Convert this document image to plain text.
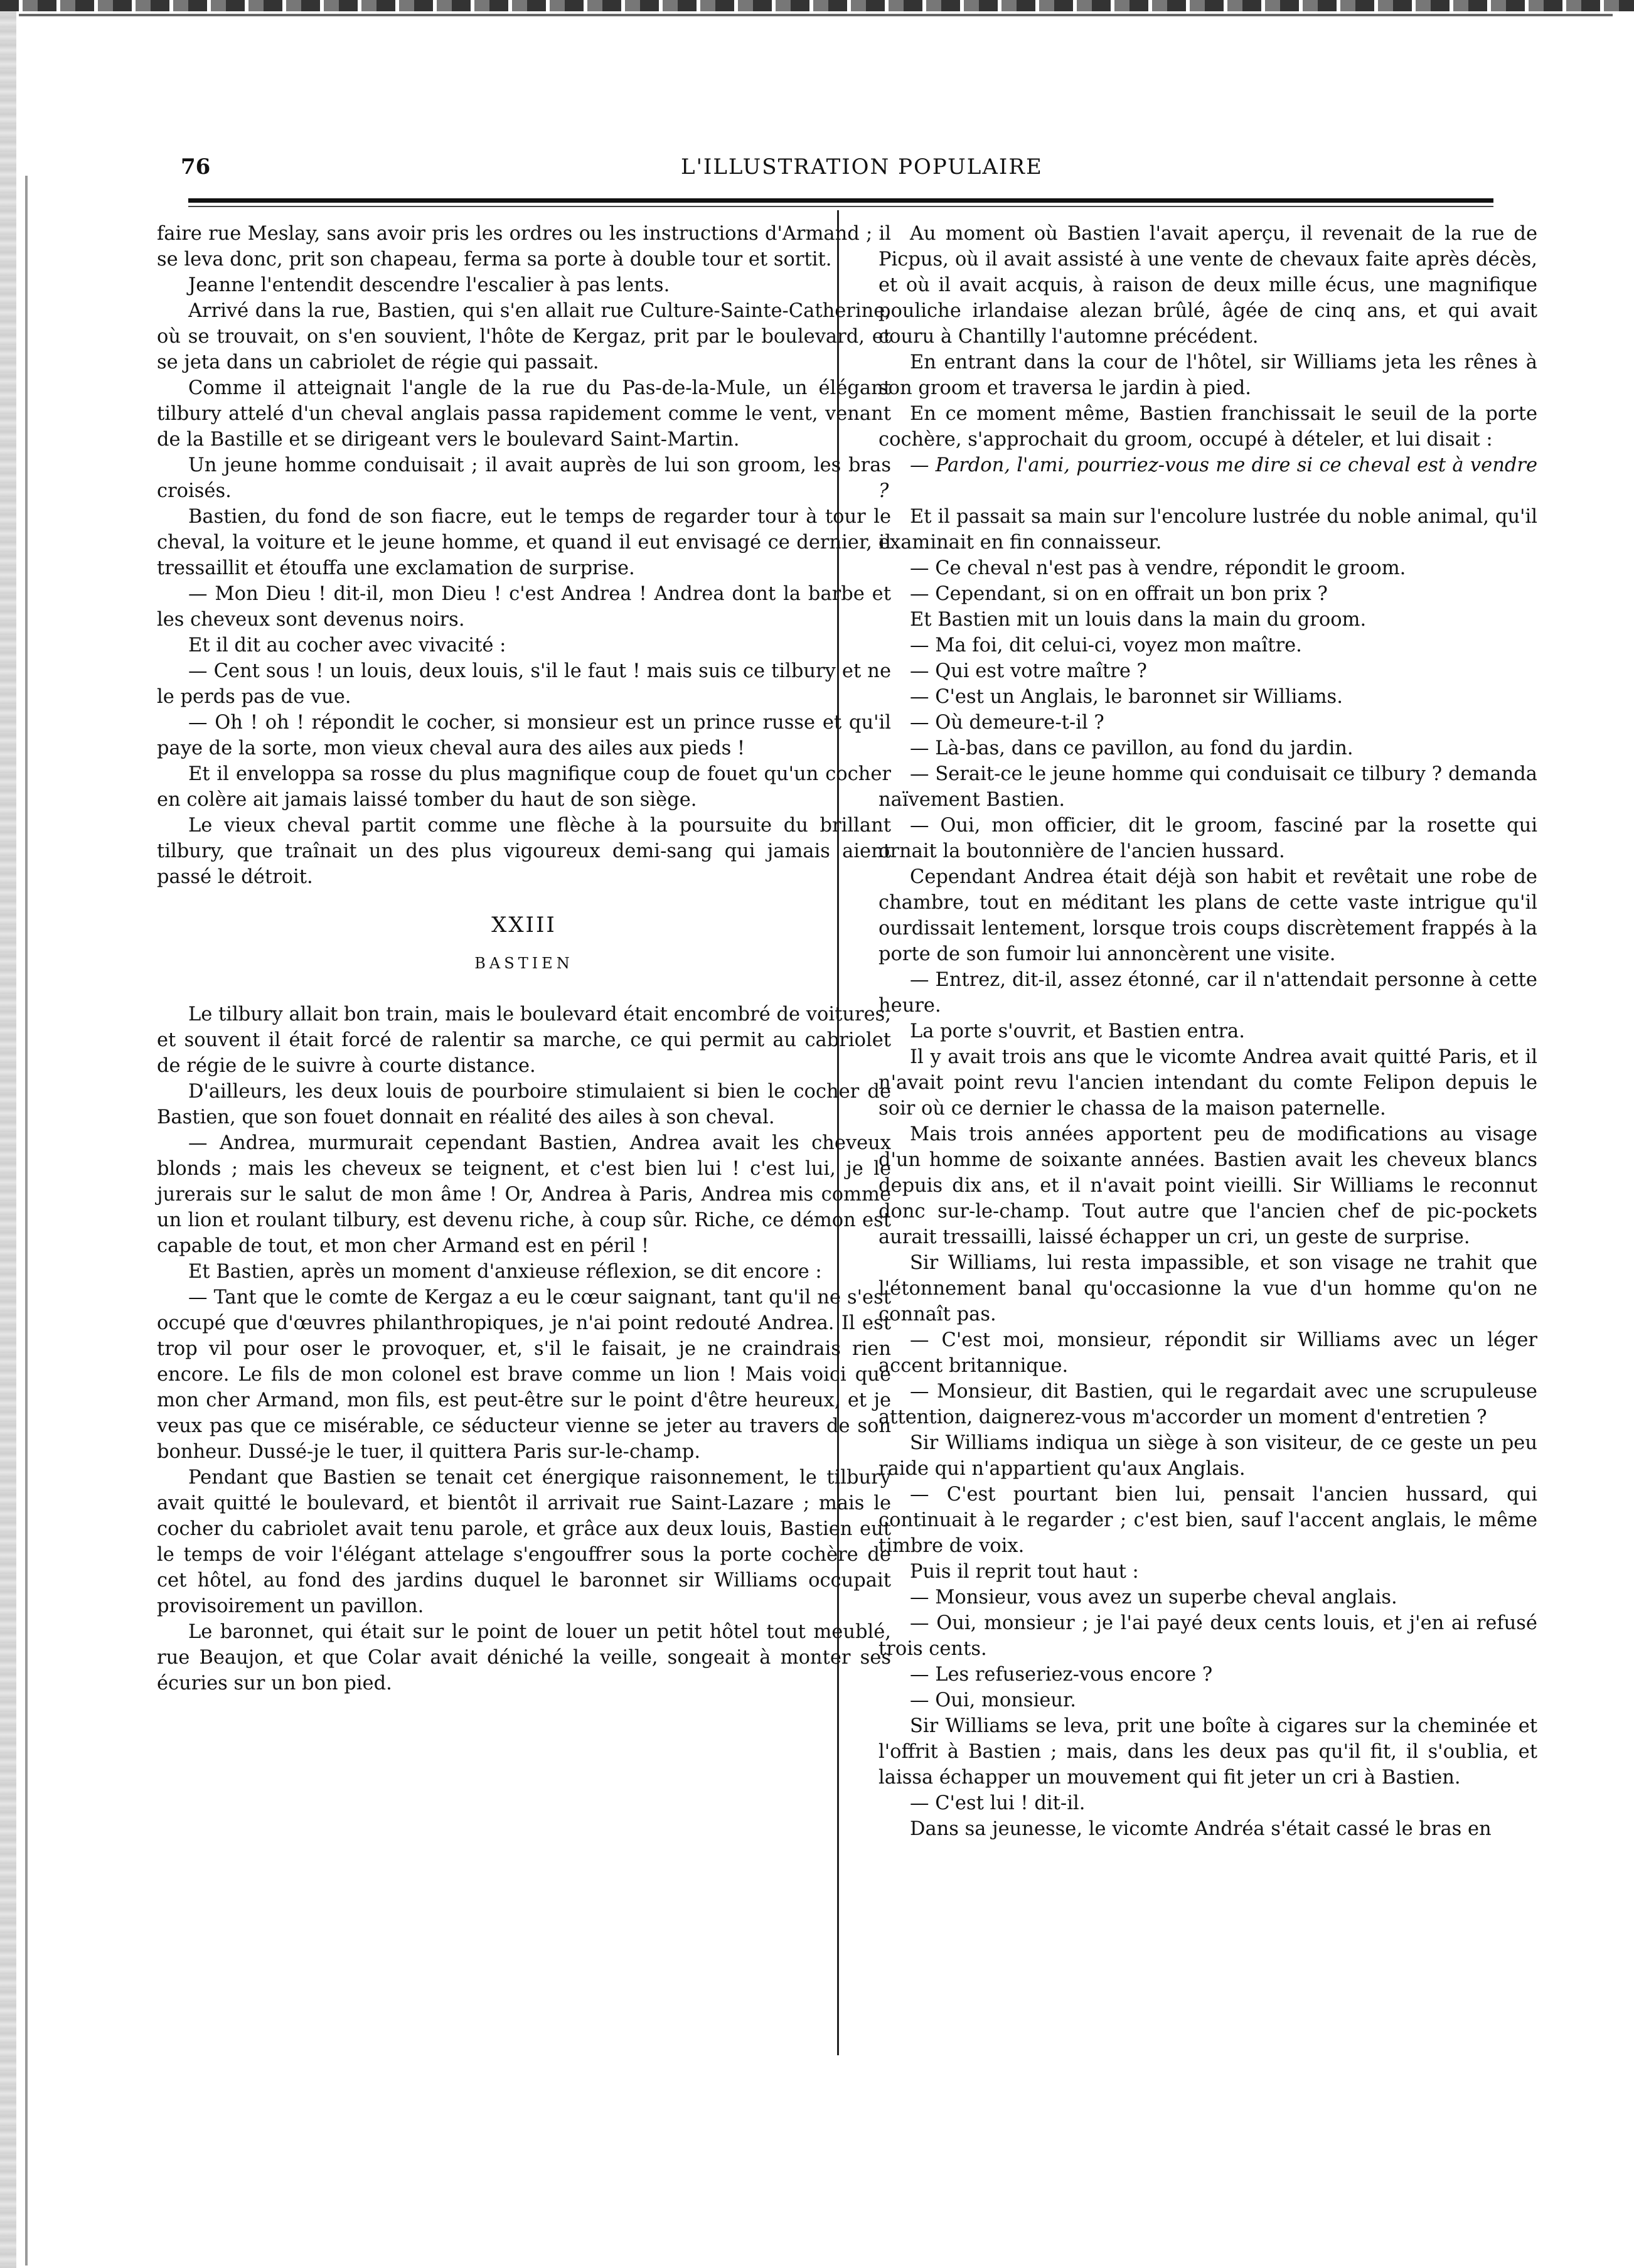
76	L'ILLUSTRATION POPULAIRE

faire rue Meslay, sans avoir pris les ordres ou les instructions d'Armand ; il se leva donc, prit son chapeau, ferma sa porte à double tour et sortit.

Jeanne l'entendit descendre l'escalier à pas lents.

Arrivé dans la rue, Bastien, qui s'en allait rue Culture-Sainte-Catherine, où se trouvait, on s'en souvient, l'hôte de Kergaz, prit par le boulevard, et se jeta dans un cabriolet de régie qui passait.

Comme il atteignait l'angle de la rue du Pas-de-la-Mule, un élégant tilbury attelé d'un cheval anglais passa rapidement comme le vent, venant de la Bastille et se dirigeant vers le boulevard Saint-Martin.

Un jeune homme conduisait ; il avait auprès de lui son groom, les bras croisés.

Bastien, du fond de son fiacre, eut le temps de regarder tour à tour le cheval, la voiture et le jeune homme, et quand il eut envisagé ce dernier, il tressaillit et étouffa une exclamation de surprise.

— Mon Dieu ! dit-il, mon Dieu ! c'est Andrea ! Andrea dont la barbe et les cheveux sont devenus noirs.

Et il dit au cocher avec vivacité :

— Cent sous ! un louis, deux louis, s'il le faut ! mais suis ce tilbury et ne le perds pas de vue.

— Oh ! oh ! répondit le cocher, si monsieur est un prince russe et qu'il paye de la sorte, mon vieux cheval aura des ailes aux pieds !

Et il enveloppa sa rosse du plus magnifique coup de fouet qu'un cocher en colère ait jamais laissé tomber du haut de son siège.

Le vieux cheval partit comme une flèche à la poursuite du brillant tilbury, que traînait un des plus vigoureux demi-sang qui jamais aient passé le détroit.

XXIII

BASTIEN

Le tilbury allait bon train, mais le boulevard était encombré de voitures, et souvent il était forcé de ralentir sa marche, ce qui permit au cabriolet de régie de le suivre à courte distance.

D'ailleurs, les deux louis de pourboire stimulaient si bien le cocher de Bastien, que son fouet donnait en réalité des ailes à son cheval.

— Andrea, murmurait cependant Bastien, Andrea avait les cheveux blonds ; mais les cheveux se teignent, et c'est bien lui ! c'est lui, je le jurerais sur le salut de mon âme ! Or, Andrea à Paris, Andrea mis comme un lion et roulant tilbury, est devenu riche, à coup sûr. Riche, ce démon est capable de tout, et mon cher Armand est en péril !

Et Bastien, après un moment d'anxieuse réflexion, se dit encore :

— Tant que le comte de Kergaz a eu le cœur saignant, tant qu'il ne s'est occupé que d'œuvres philanthropiques, je n'ai point redouté Andrea. Il est trop vil pour oser le provoquer, et, s'il le faisait, je ne craindrais rien encore. Le fils de mon colonel est brave comme un lion ! Mais voici que mon cher Armand, mon fils, est peut-être sur le point d'être heureux, et je veux pas que ce misérable, ce séducteur vienne se jeter au travers de son bonheur. Dussé-je le tuer, il quittera Paris sur-le-champ.

Pendant que Bastien se tenait cet énergique raisonnement, le tilbury avait quitté le boulevard, et bientôt il arrivait rue Saint-Lazare ; mais le cocher du cabriolet avait tenu parole, et grâce aux deux louis, Bastien eut le temps de voir l'élégant attelage s'engouffrer sous la porte cochère de cet hôtel, au fond des jardins duquel le baronnet sir Williams occupait provisoirement un pavillon.

Le baronnet, qui était sur le point de louer un petit hôtel tout meublé, rue Beaujon, et que Colar avait déniché la veille, songeait à monter ses écuries sur un bon pied.

Au moment où Bastien l'avait aperçu, il revenait de la rue de Picpus, où il avait assisté à une vente de chevaux faite après décès, et où il avait acquis, à raison de deux mille écus, une magnifique pouliche irlandaise alezan brûlé, âgée de cinq ans, et qui avait couru à Chantilly l'automne précédent.

En entrant dans la cour de l'hôtel, sir Williams jeta les rênes à son groom et traversa le jardin à pied.

En ce moment même, Bastien franchissait le seuil de la porte cochère, s'approchait du groom, occupé à dételer, et lui disait :

— Pardon, l'ami, pourriez-vous me dire si ce cheval est à vendre ?

Et il passait sa main sur l'encolure lustrée du noble animal, qu'il examinait en fin connaisseur.

— Ce cheval n'est pas à vendre, répondit le groom.

— Cependant, si on en offrait un bon prix ?

Et Bastien mit un louis dans la main du groom.

— Ma foi, dit celui-ci, voyez mon maître.

— Qui est votre maître ?

— C'est un Anglais, le baronnet sir Williams.

— Où demeure-t-il ?

— Là-bas, dans ce pavillon, au fond du jardin.

— Serait-ce le jeune homme qui conduisait ce tilbury ? demanda naïvement Bastien.

— Oui, mon officier, dit le groom, fasciné par la rosette qui ornait la boutonnière de l'ancien hussard.

Cependant Andrea était déjà son habit et revêtait une robe de chambre, tout en méditant les plans de cette vaste intrigue qu'il ourdissait lentement, lorsque trois coups discrètement frappés à la porte de son fumoir lui annoncèrent une visite.

— Entrez, dit-il, assez étonné, car il n'attendait personne à cette heure.

La porte s'ouvrit, et Bastien entra.

Il y avait trois ans que le vicomte Andrea avait quitté Paris, et il n'avait point revu l'ancien intendant du comte Felipon depuis le soir où ce dernier le chassa de la maison paternelle.

Mais trois années apportent peu de modifications au visage d'un homme de soixante années. Bastien avait les cheveux blancs depuis dix ans, et il n'avait point vieilli. Sir Williams le reconnut donc sur-le-champ. Tout autre que l'ancien chef de pic-pockets aurait tressailli, laissé échapper un cri, un geste de surprise.

Sir Williams, lui resta impassible, et son visage ne trahit que l'étonnement banal qu'occasionne la vue d'un homme qu'on ne connaît pas.

— C'est moi, monsieur, répondit sir Williams avec un léger accent britannique.

— Monsieur, dit Bastien, qui le regardait avec une scrupuleuse attention, daignerez-vous m'accorder un moment d'entretien ?

Sir Williams indiqua un siège à son visiteur, de ce geste un peu raide qui n'appartient qu'aux Anglais.

— C'est pourtant bien lui, pensait l'ancien hussard, qui continuait à le regarder ; c'est bien, sauf l'accent anglais, le même timbre de voix.

Puis il reprit tout haut :

— Monsieur, vous avez un superbe cheval anglais.

— Oui, monsieur ; je l'ai payé deux cents louis, et j'en ai refusé trois cents.

— Les refuseriez-vous encore ?

— Oui, monsieur.

Sir Williams se leva, prit une boîte à cigares sur la cheminée et l'offrit à Bastien ; mais, dans les deux pas qu'il fit, il s'oublia, et laissa échapper un mouvement qui fit jeter un cri à Bastien.

— C'est lui ! dit-il.

Dans sa jeunesse, le vicomte Andréa s'était cassé le bras en
